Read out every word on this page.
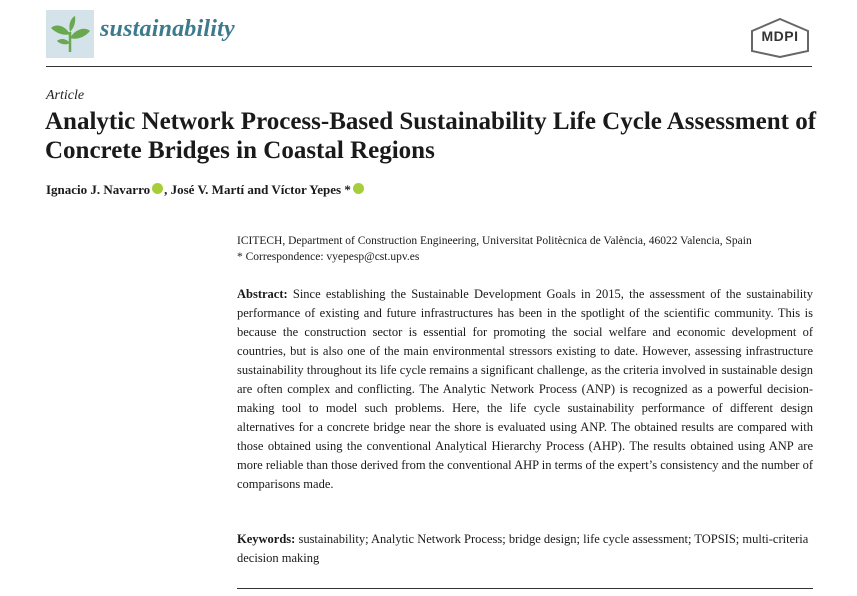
sustainability	MDPI
Article
Analytic Network Process-Based Sustainability Life Cycle Assessment of Concrete Bridges in Coastal Regions
Ignacio J. Navarro , José V. Martí and Víctor Yepes *
ICITECH, Department of Construction Engineering, Universitat Politècnica de València, 46022 Valencia, Spain
* Correspondence: vyepesp@cst.upv.es

Abstract: Since establishing the Sustainable Development Goals in 2015, the assessment of the sustainability performance of existing and future infrastructures has been in the spotlight of the scientific community. This is because the construction sector is essential for promoting the social welfare and economic development of countries, but is also one of the main environmental stressors existing to date. However, assessing infrastructure sustainability throughout its life cycle remains a significant challenge, as the criteria involved in sustainable design are often complex and conflicting. The Analytic Network Process (ANP) is recognized as a powerful decision-making tool to model such problems. Here, the life cycle sustainability performance of different design alternatives for a concrete bridge near the shore is evaluated using ANP. The obtained results are compared with those obtained using the conventional Analytical Hierarchy Process (AHP). The results obtained using ANP are more reliable than those derived from the conventional AHP in terms of the expert’s consistency and the number of comparisons made.

Keywords: sustainability; Analytic Network Process; bridge design; life cycle assessment; TOPSIS; multi-criteria decision making
